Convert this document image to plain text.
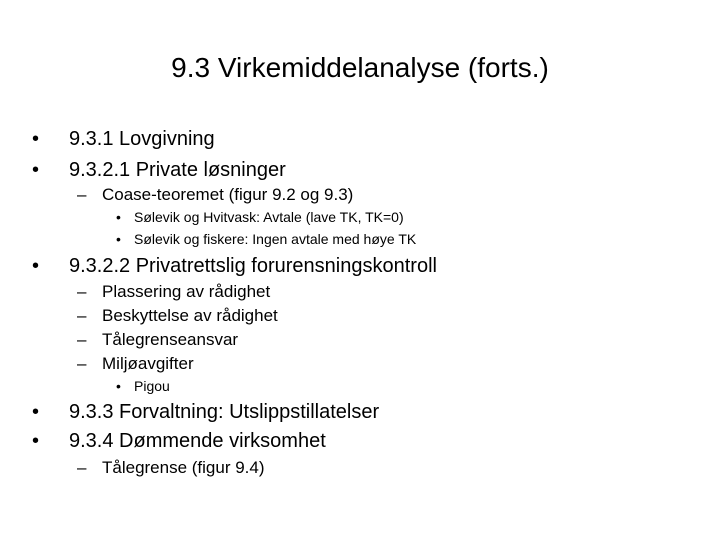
9.3 Virkemiddelanalyse (forts.)
• 9.3.1 Lovgivning
• 9.3.2.1 Private løsninger
– Coase-teoremet (figur 9.2 og 9.3)
• Sølevik og Hvitvask: Avtale (lave TK, TK=0)
• Sølevik og fiskere: Ingen avtale med høye TK
• 9.3.2.2 Privatrettslig forurensningskontroll
– Plassering av rådighet
– Beskyttelse av rådighet
– Tålegrenseansvar
– Miljøavgifter
• Pigou
• 9.3.3 Forvaltning: Utslippstillatelser
• 9.3.4 Dømmende virksomhet
– Tålegrense (figur 9.4)
